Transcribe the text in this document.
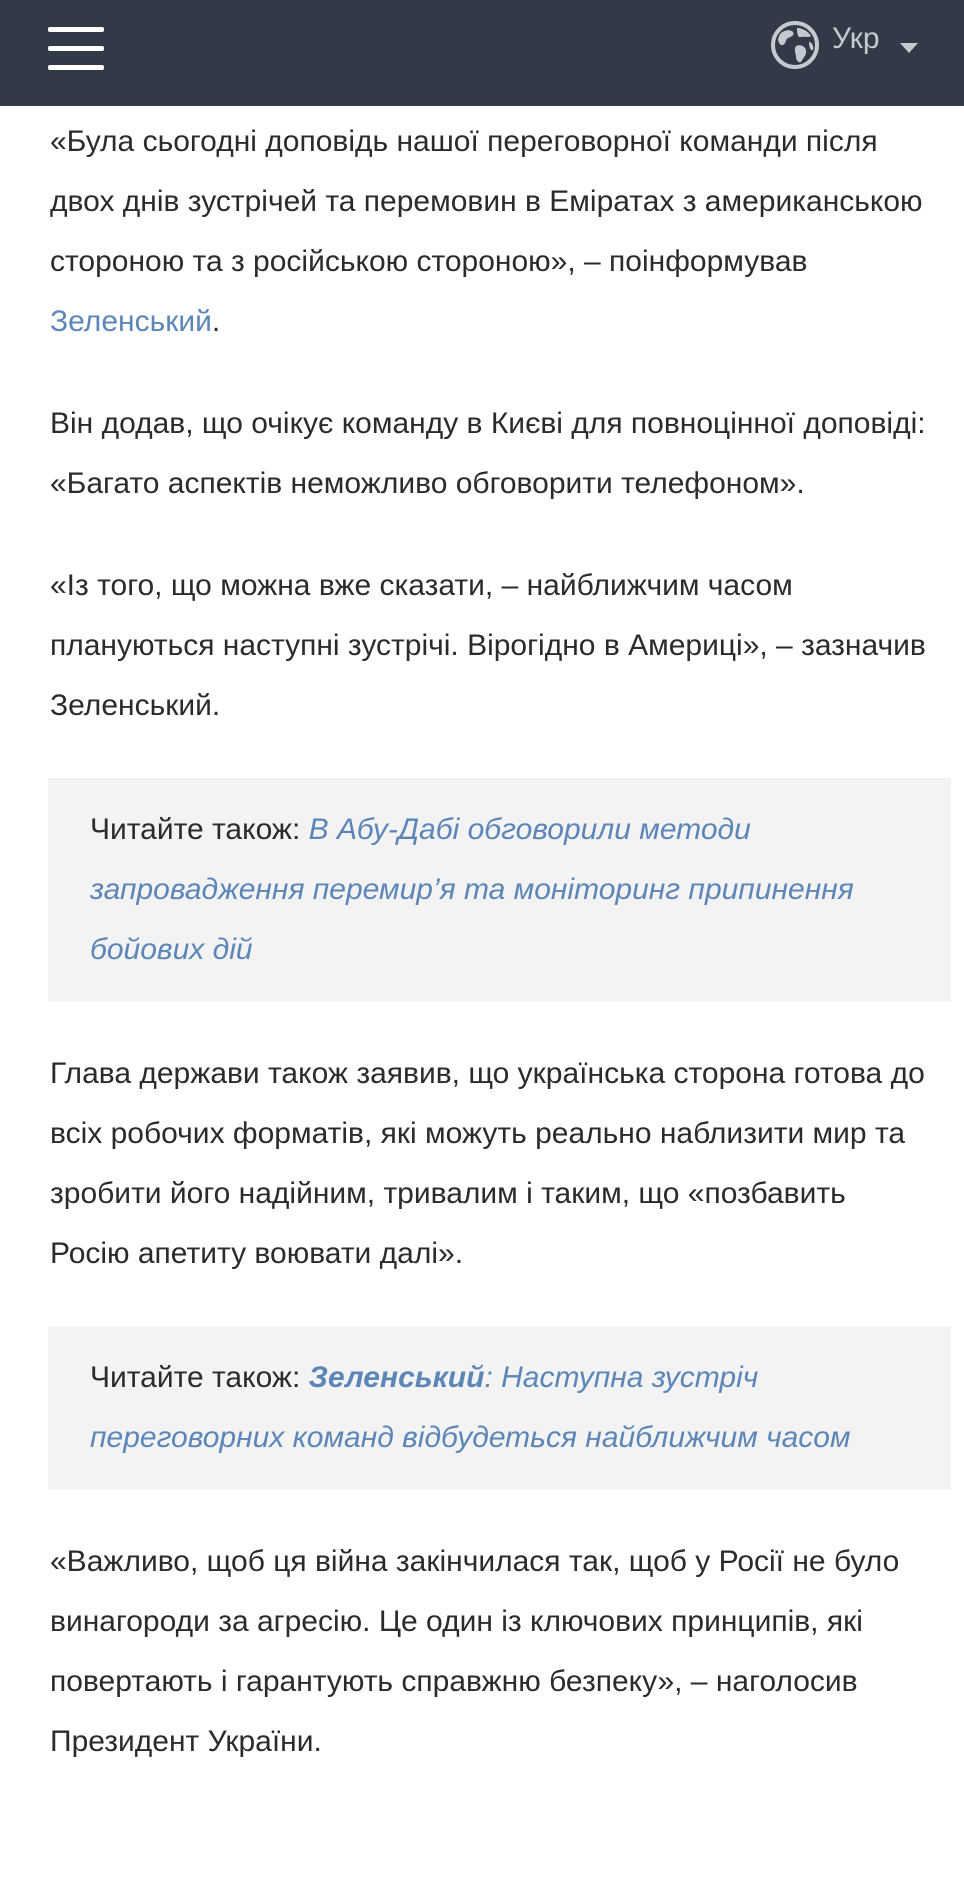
Укр

«Була сьогодні доповідь нашої переговорної команди після двох днів зустрічей та перемовин в Еміратах з американською стороною та з російською стороною», – поінформував Зеленський.

Він додав, що очікує команду в Києві для повноцінної доповіді: «Багато аспектів неможливо обговорити телефоном».

«Із того, що можна вже сказати, – найближчим часом плануються наступні зустрічі. Вірогідно в Америці», – зазначив Зеленський.

Читайте також: В Абу-Дабі обговорили методи запровадження перемир’я та моніторинг припинення бойових дій

Глава держави також заявив, що українська сторона готова до всіх робочих форматів, які можуть реально наблизити мир та зробити його надійним, тривалим і таким, що «позбавить Росію апетиту воювати далі».

Читайте також: Зеленський: Наступна зустріч переговорних команд відбудеться найближчим часом

«Важливо, щоб ця війна закінчилася так, щоб у Росії не було винагороди за агресію. Це один із ключових принципів, які повертають і гарантують справжню безпеку», – наголосив Президент України.
